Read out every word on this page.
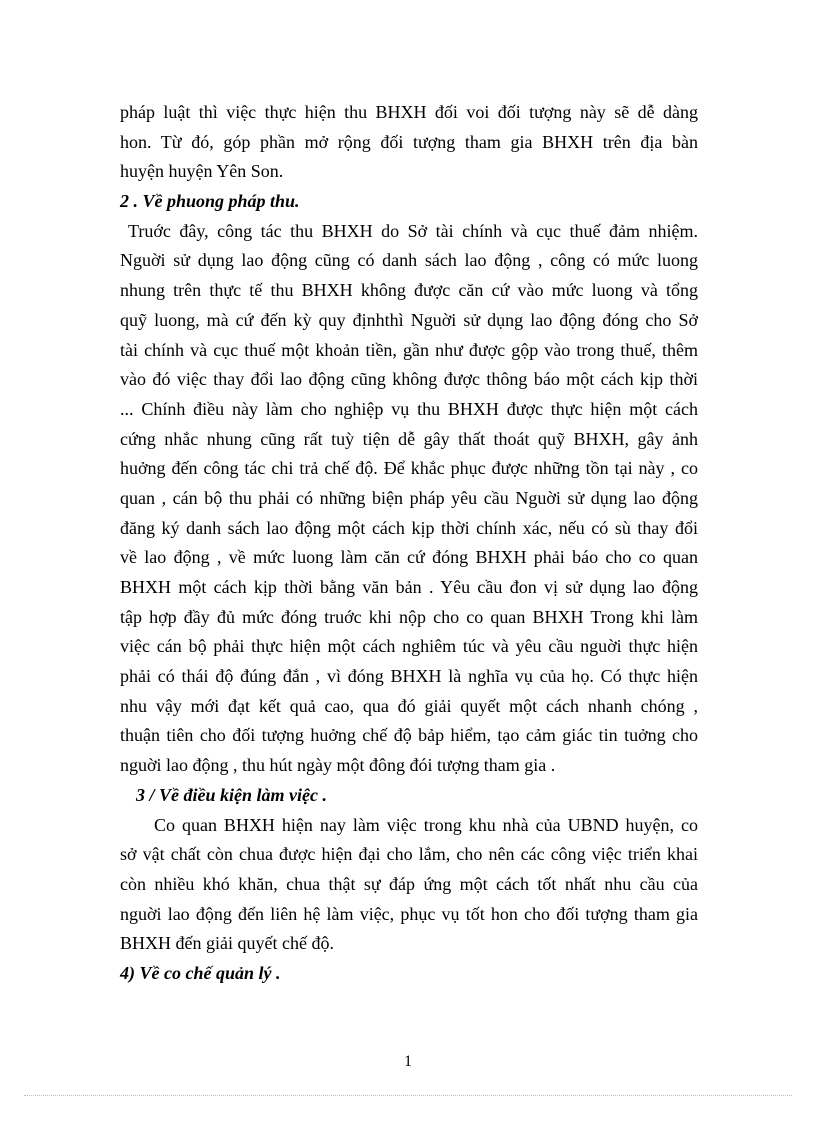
pháp luật thì việc thực hiện thu BHXH đối voi đối tượng này sẽ dễ dàng
hon. Từ đó, góp phần mở rộng đối tượng tham gia BHXH trên địa bàn
huyện huyện Yên Son.
2 . Về phuong pháp thu.
Truớc đây, công tác thu BHXH do Sở tài chính và cục thuế đảm nhiệm.
Nguời sử dụng lao động cũng có danh sách lao động , công có mức luong
nhung trên thực tế thu BHXH không được căn cứ vào mức luong và tổng
quỹ luong, mà cứ đến kỳ quy địnhthì Nguời sử dụng lao động đóng cho Sở
tài chính và cục thuế một khoản tiền, gần như được gộp vào trong thuế, thêm
vào đó việc thay đổi lao động cũng không được thông báo một cách kịp thời
... Chính điều này làm cho nghiệp vụ thu BHXH được thực hiện một cách
cứng nhắc nhung cũng rất tuỳ tiện dễ gây thất thoát quỹ BHXH, gây ảnh
huởng đến công tác chi trả chế độ. Để khắc phục được những tồn tại này , co
quan , cán bộ thu phải có những biện pháp yêu cầu Nguời sử dụng lao động
đăng ký danh sách lao động một cách kịp thời chính xác, nếu có sù thay đổi
về lao động , về mức luong làm căn cứ đóng BHXH phải báo cho co quan
BHXH một cách kịp thời bằng văn bản . Yêu cầu đon vị sử dụng lao động
tập hợp đầy đủ mức đóng truớc khi nộp cho co quan BHXH Trong khi làm
việc cán bộ phải thực hiện một cách nghiêm túc và yêu cầu nguời thực hiện
phải có thái độ đúng đắn , vì đóng BHXH là nghĩa vụ của họ. Có thực hiện
nhu vậy mới đạt kết quả cao, qua đó giải quyết một cách nhanh chóng ,
thuận tiên cho đối tượng huởng chế độ bảp hiểm, tạo cảm giác tin tuởng cho
nguời lao động , thu hút ngày một đông đói tượng tham gia .
3 / Về điều kiện làm việc .
Co quan BHXH hiện nay làm việc trong khu nhà của UBND huyện, co
sở vật chất còn chua được hiện đại cho lắm, cho nên các công việc triển khai
còn nhiều khó khăn, chua thật sự đáp ứng một cách tốt nhất nhu cầu của
nguời lao động đến liên hệ làm việc, phục vụ tốt hon cho đối tượng tham gia
BHXH đến giải quyết chế độ.
4) Về co chế quản lý .
1
